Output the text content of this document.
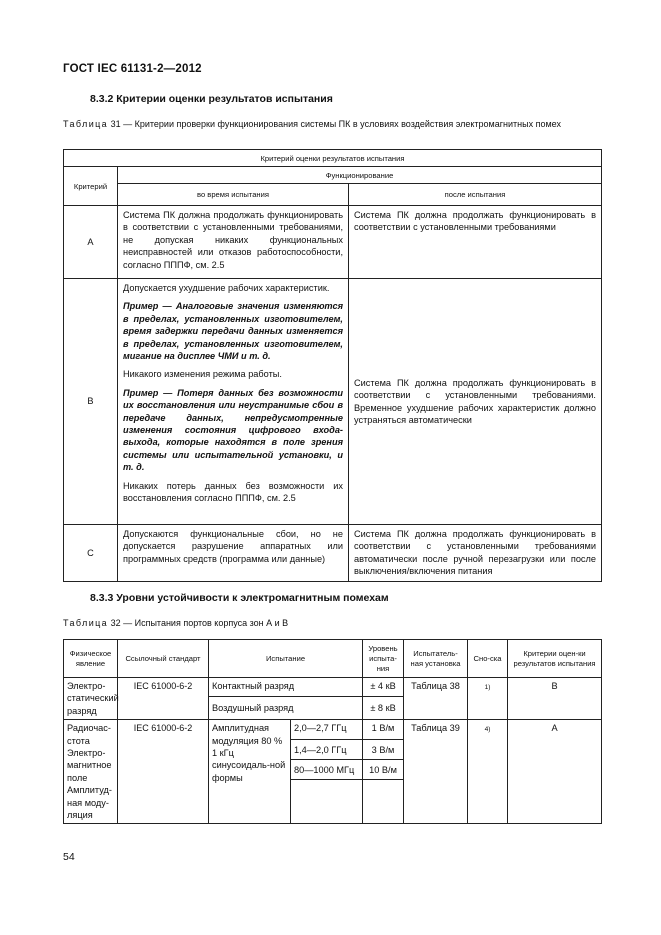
ГОСТ IEC 61131-2—2012
8.3.2 Критерии оценки результатов испытания
Таблица 31 — Критерии проверки функционирования системы ПК в условиях воздействия электромагнитных помех
Критерий оценки результатов испытания		
Критерий	Функционирование	
	во время испытания	после испытания
A	Система ПК должна продолжать функционировать в соответствии с установленными требованиями, не допуская никаких функциональных неисправностей или отказов работоспособности, согласно ПППФ, см. 2.5	Система ПК должна продолжать функционировать в соответствии с установленными требованиями
B	Допускается ухудшение рабочих характеристик.

Пример — Аналоговые значения изменяются в пределах, установленных изготовителем, время задержки передачи данных изменяется в пределах, установленных изготовителем, мигание на дисплее ЧМИ и т. д.

Никакого изменения режима работы.

Пример — Потеря данных без возможности их восстановления или неустранимые сбои в передаче данных, непредусмотренные изменения состояния цифрового входа-выхода, которые находятся в поле зрения системы или испытательной установки, и т. д.

Никаких потерь данных без возможности их восстановления согласно ПППФ, см. 2.5	Система ПК должна продолжать функционировать в соответствии с установленными требованиями. Временное ухудшение рабочих характеристик должно устраняться автоматически
C	Допускаются функциональные сбои, но не допускается разрушение аппаратных или программных средств (программа или данные)	Система ПК должна продолжать функционировать в соответствии с установленными требованиями автоматически после ручной перезагрузки или после выключения/включения питания
8.3.3 Уровни устойчивости к электромагнитным помехам
Таблица 32 — Испытания портов корпуса зон А и В
Физическое явление	Ссылочный стандарт	Испытание		Уровень испыта-ния	Испытатель-ная установка	Сно-ска	Критерии оцен-ки результатов испытания
Электро-статический разряд	IEC 61000-6-2	Контактный разряд		± 4 кВ	Таблица 38	1)	B
		Воздушный разряд		± 8 кВ			
Радиочас-стота Электро-магнитное поле Амплитуд-ная моду-ляция	IEC 61000-6-2	Амплитудная модуляция 80 % 1 кГц синусоидаль-ной формы	2,0—2,7 ГГц	1 В/м	Таблица 39	4)	A
			1,4—2,0 ГГц	3 В/м			
			80—1000 МГц	10 В/м			

54
